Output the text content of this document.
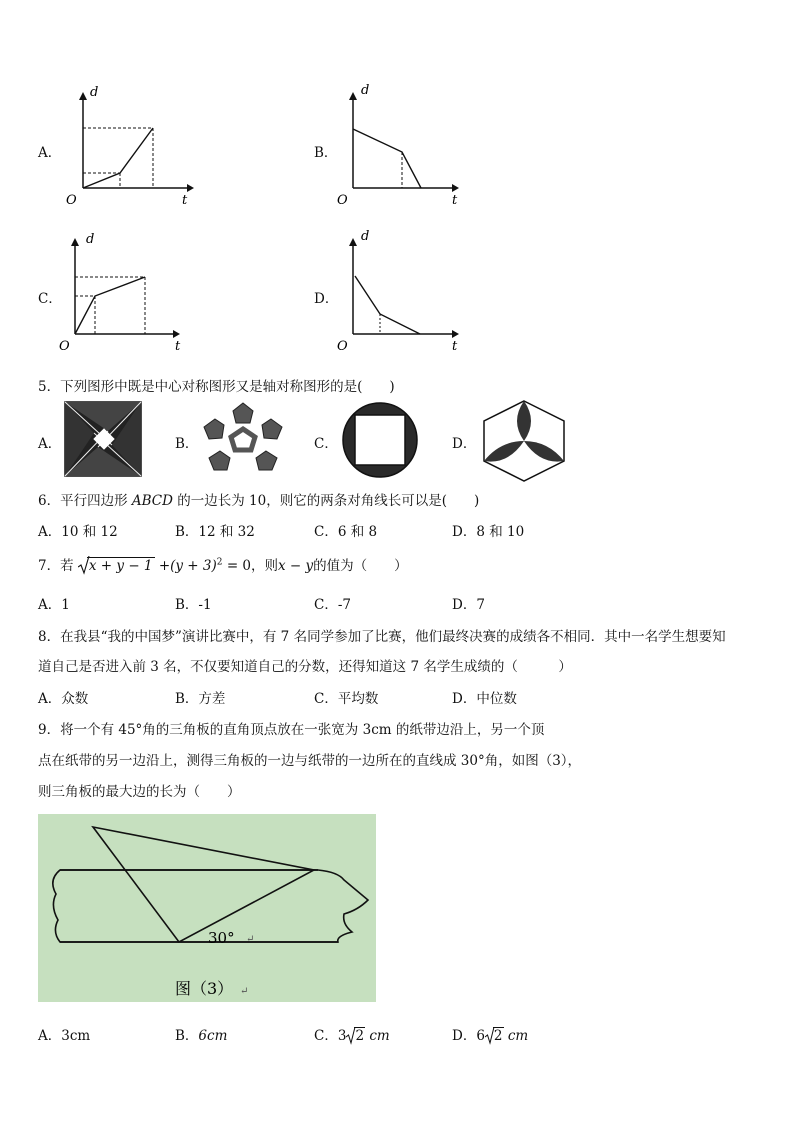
A．
d
O	t
B．
d
O	t
C．
d
O	t
D．
d
O	t
5．下列图形中既是中心对称图形又是轴对称图形的是(　　)
A．	B．	C．	D．
6．平行四边形 ABCD 的一边长为 10，则它的两条对角线长可以是(　　)
A．10 和 12	B．12 和 32	C．6 和 8	D．8 和 10
7．若 $x + y - 1 +(y + 3)^2 = 0$，则x − y的值为（　　）
A．1	B．-1	C．-7	D．7
8．在我县“我的中国梦”演讲比赛中，有 7 名同学参加了比赛，他们最终决赛的成绩各不相同．其中一名学生想要知
道自己是否进入前 3 名，不仅要知道自己的分数，还得知道这 7 名学生成绩的（　　　）
A．众数	B．方差	C．平均数	D．中位数
9．将一个有 45°角的三角板的直角顶点放在一张宽为 3cm 的纸带边沿上，另一个顶
点在纸带的另一边沿上，测得三角板的一边与纸带的一边所在的直线成 30°角，如图（3），
则三角板的最大边的长为（　　）
30° ↵
图（3） ↵
A．3cm	B．6cm	C．3 2 cm	D．6 2 cm
